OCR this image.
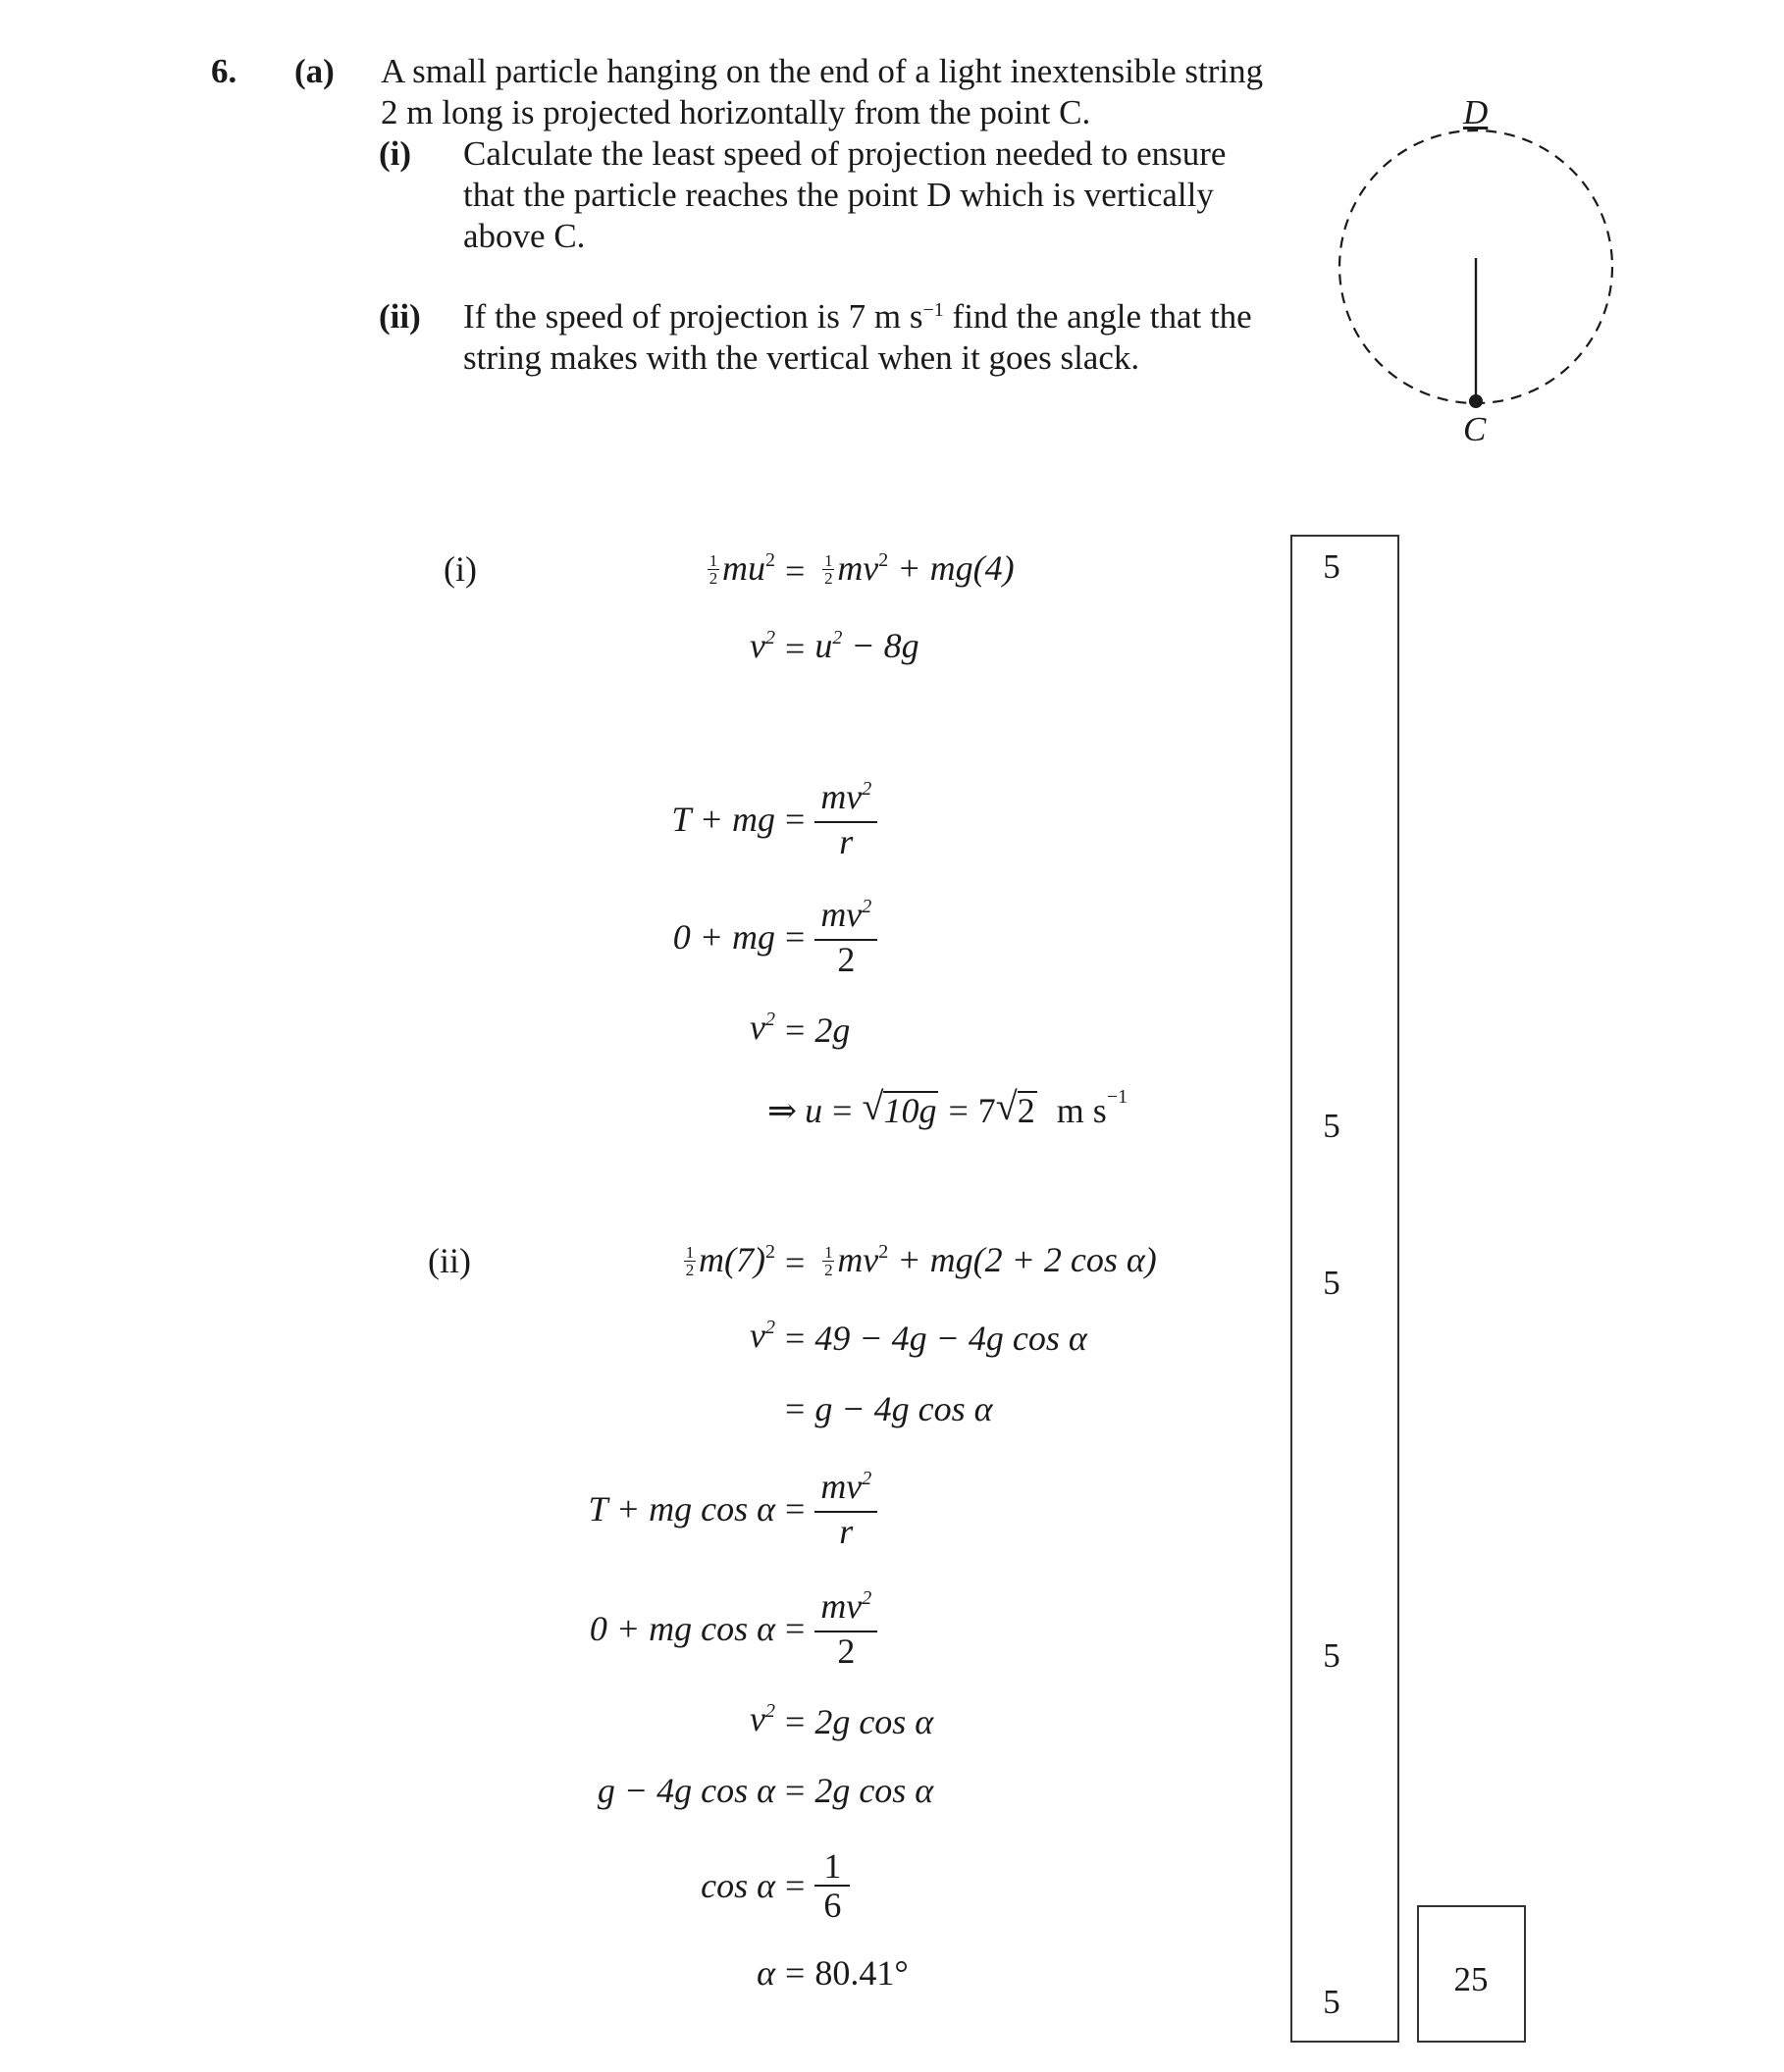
6. (a) A small particle hanging on the end of a light inextensible string
2 m long is projected horizontally from the point C.
(i) Calculate the least speed of projection needed to ensure
that the particle reaches the point D which is vertically
above C.
(ii) If the speed of projection is 7 m $s^{-1}$ find the angle that the
string makes with the vertical when it goes slack.
D
C
(i)
(ii)
$\frac{1}{2} mu^2$ =	$\frac{1}{2} mv^2 + mg(4)$
$v^2 = u^2 - 8g$
T + mg = $\frac{mv^2}{r}$
0 + mg = $\frac{mv^2}{2}$
$v^2 = 2g$
⇒ u = √ 10g = 7 √ 2 m $s^{-1}$
$\frac{1}{2} m(7)^2$ =	$\frac{1}{2} mv^2 + mg(2 + 2$ cos α)
$v^2 = 49 - 4g - 4g$ cos α
= g − 4g cos α
T + mg $\cos \alpha = \frac{mv^2}{r}$
0 + mg $\cos \alpha = \frac{mv^2}{2}$
$v^2 = 2g$ cos α
g − 4g cos α = 2g cos α
$\cos \alpha = \frac{1}{6}$
α = 80.41°
5
5
5
5
5
25
